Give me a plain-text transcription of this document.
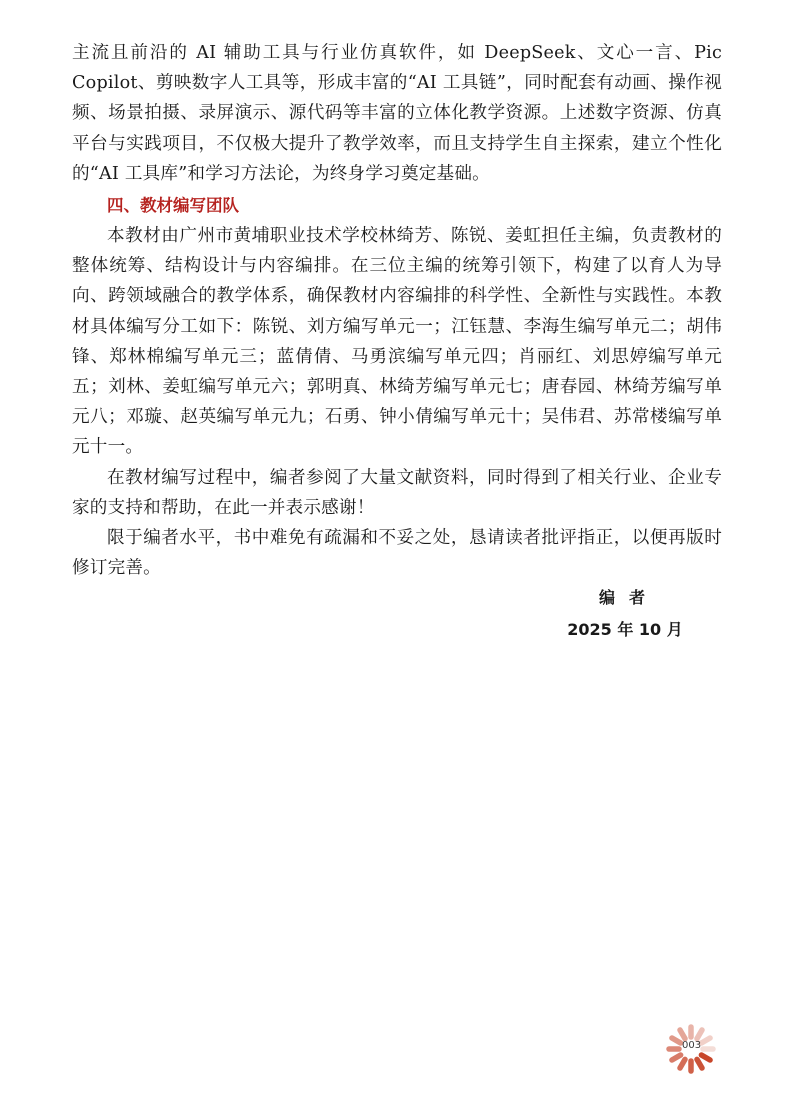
主流且前沿的 AI 辅助工具与行业仿真软件，如 DeepSeek、文心一言、Pic Copilot、剪映数字人工具等，形成丰富的“AI 工具链”，同时配套有动画、操作视频、场景拍摄、录屏演示、源代码等丰富的立体化教学资源。上述数字资源、仿真平台与实践项目，不仅极大提升了教学效率，而且支持学生自主探索，建立个性化的“AI 工具库”和学习方法论，为终身学习奠定基础。

四、教材编写团队

本教材由广州市黄埔职业技术学校林绮芳、陈锐、姜虹担任主编，负责教材的整体统筹、结构设计与内容编排。在三位主编的统筹引领下，构建了以育人为导向、跨领域融合的教学体系，确保教材内容编排的科学性、全新性与实践性。本教材具体编写分工如下：陈锐、刘方编写单元一；江钰慧、李海生编写单元二；胡伟锋、郑林棉编写单元三；蓝倩倩、马勇滨编写单元四；肖丽红、刘思婷编写单元五；刘林、姜虹编写单元六；郭明真、林绮芳编写单元七；唐春园、林绮芳编写单元八；邓璇、赵英编写单元九；石勇、钟小倩编写单元十；吴伟君、苏常楼编写单元十一。

在教材编写过程中，编者参阅了大量文献资料，同时得到了相关行业、企业专家的支持和帮助，在此一并表示感谢！

限于编者水平，书中难免有疏漏和不妥之处，恳请读者批评指正，以便再版时修订完善。

编者
2025 年 10 月
003
